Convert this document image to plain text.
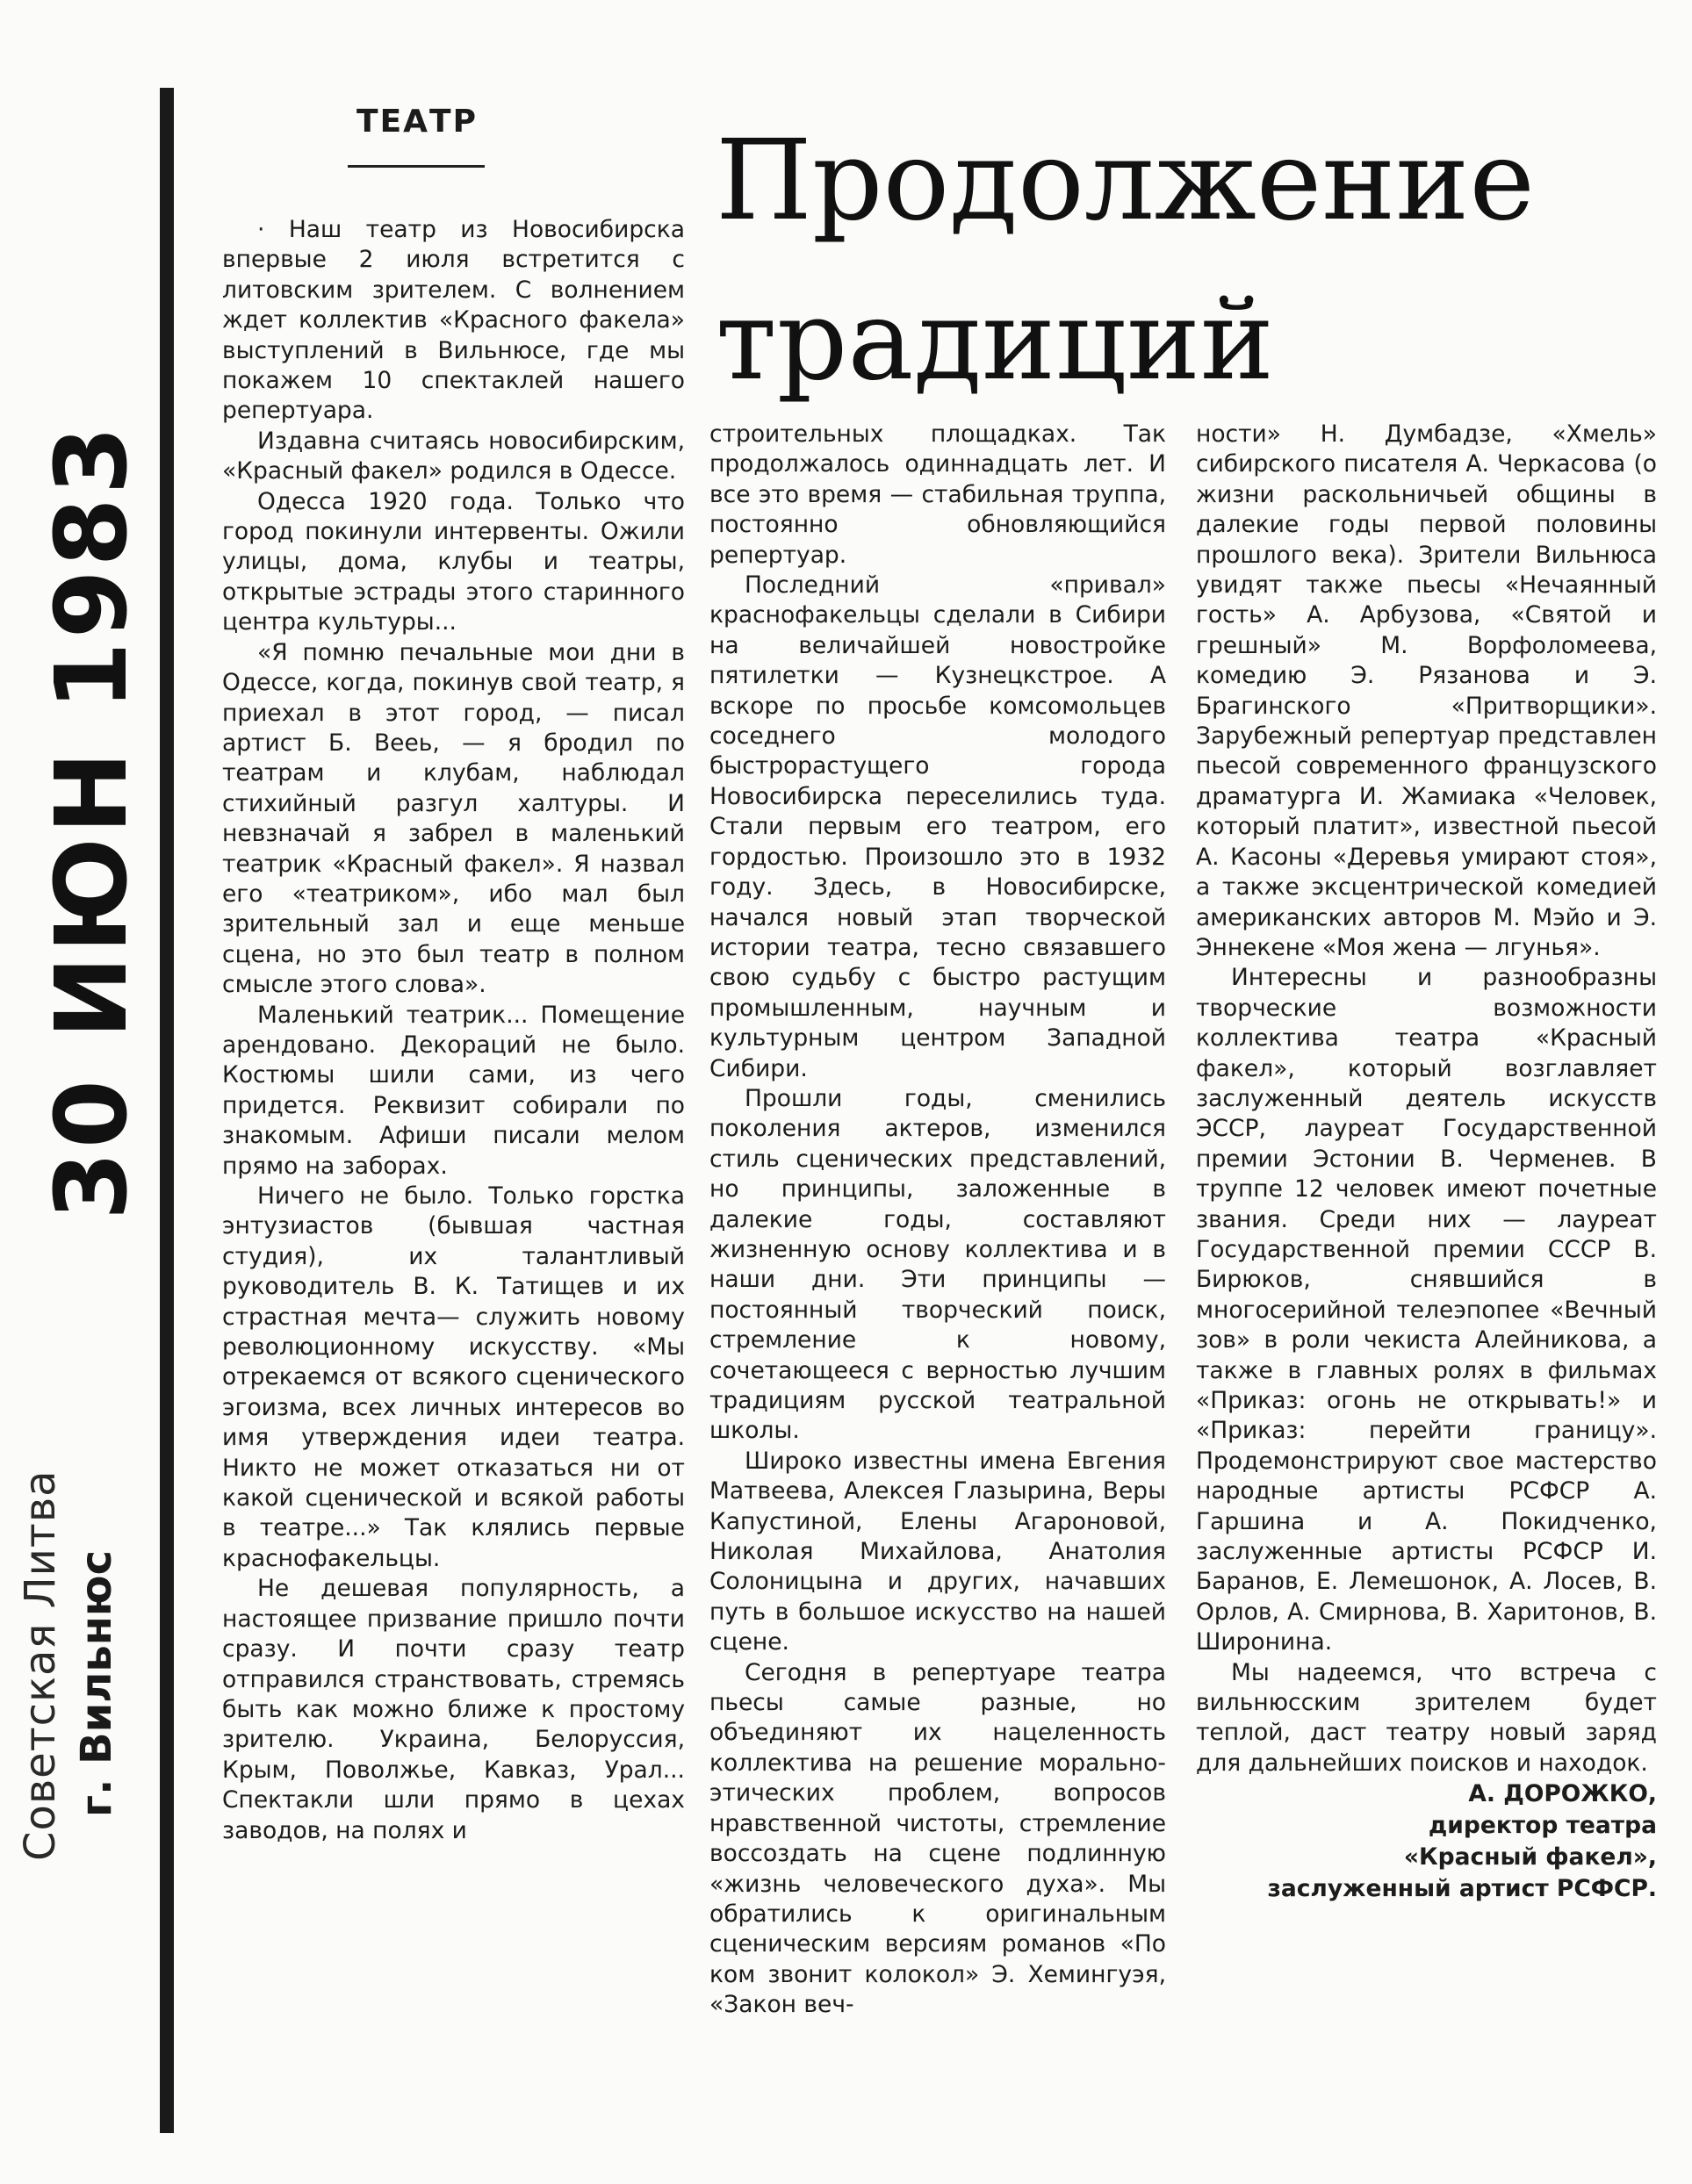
30 ИЮН 1983
Советская Литва г. Вильнюс
ТЕАТР Продолжение
традиций

· Наш театр из Новосибирска впервые 2 июля встретится с литовским зрителем. С волнением ждет коллектив «Красного факела» выступлений в Вильнюсе, где мы покажем 10 спектаклей нашего репертуара.

Издавна считаясь новосибирским, «Красный факел» родился в Одессе.

Одесса 1920 года. Только что город покинули интервенты. Ожили улицы, дома, клубы и театры, открытые эстрады этого старинного центра культуры...

«Я помню печальные мои дни в Одессе, когда, покинув свой театр, я приехал в этот город, — писал артист Б. Вееь, — я бродил по театрам и клубам, наблюдал стихийный разгул халтуры. И невзначай я забрел в маленький театрик «Красный факел». Я назвал его «театриком», ибо мал был зрительный зал и еще меньше сцена, но это был театр в полном смысле этого слова».

Маленький театрик... Помещение арендовано. Декораций не было. Костюмы шили сами, из чего придется. Реквизит собирали по знакомым. Афиши писали мелом прямо на заборах.

Ничего не было. Только горстка энтузиастов (бывшая частная студия), их талантливый руководитель В. К. Татищев и их страстная мечта— служить новому революционному искусству. «Мы отрекаемся от всякого сценического эгоизма, всех личных интересов во имя утверждения идеи театра. Никто не может отказаться ни от какой сценической и всякой работы в театре...» Так клялись первые краснофакельцы.

Не дешевая популярность, а настоящее призвание пришло почти сразу. И почти сразу театр отправился странствовать, стремясь быть как можно ближе к простому зрителю. Украина, Белоруссия, Крым, Поволжье, Кавказ, Урал... Спектакли шли прямо в цехах заводов, на полях и

строительных площадках. Так продолжалось одиннадцать лет. И все это время — стабильная труппа, постоянно обновляющийся репертуар.

Последний «привал» краснофакельцы сделали в Сибири на величайшей новостройке пятилетки — Кузнецкстрое. А вскоре по просьбе комсомольцев соседнего молодого быстрорастущего города Новосибирска переселились туда. Стали первым его театром, его гордостью. Произошло это в 1932 году. Здесь, в Новосибирске, начался новый этап творческой истории театра, тесно связавшего свою судьбу с быстро растущим промышленным, научным и культурным центром Западной Сибири.

Прошли годы, сменились поколения актеров, изменился стиль сценических представлений, но принципы, заложенные в далекие годы, составляют жизненную основу коллектива и в наши дни. Эти принципы — постоянный творческий поиск, стремление к новому, сочетающееся с верностью лучшим традициям русской театральной школы.

Широко известны имена Евгения Матвеева, Алексея Глазырина, Веры Капустиной, Елены Агароновой, Николая Михайлова, Анатолия Солоницына и других, начавших путь в большое искусство на нашей сцене.

Сегодня в репертуаре театра пьесы самые разные, но объединяют их нацеленность коллектива на решение морально-этических проблем, вопросов нравственной чистоты, стремление воссоздать на сцене подлинную «жизнь человеческого духа». Мы обратились к оригинальным сценическим версиям романов «По ком звонит колокол» Э. Хемингуэя, «Закон веч-

ности» Н. Думбадзе, «Хмель» сибирского писателя А. Черкасова (о жизни раскольничьей общины в далекие годы первой половины прошлого века). Зрители Вильнюса увидят также пьесы «Нечаянный гость» А. Арбузова, «Святой и грешный» М. Ворфоломеева, комедию Э. Рязанова и Э. Брагинского «Притворщики». Зарубежный репертуар представлен пьесой современного французского драматурга И. Жамиака «Человек, который платит», известной пьесой А. Касоны «Деревья умирают стоя», а также эксцентрической комедией американских авторов М. Мэйо и Э. Эннекене «Моя жена — лгунья».

Интересны и разнообразны творческие возможности коллектива театра «Красный факел», который возглавляет заслуженный деятель искусств ЭССР, лауреат Государственной премии Эстонии В. Черменев. В труппе 12 человек имеют почетные звания. Среди них — лауреат Государственной премии СССР В. Бирюков, снявшийся в многосерийной телеэпопее «Вечный зов» в роли чекиста Алейникова, а также в главных ролях в фильмах «Приказ: огонь не открывать!» и «Приказ: перейти границу». Продемонстрируют свое мастерство народные артисты РСФСР А. Гаршина и А. Покидченко, заслуженные артисты РСФСР И. Баранов, Е. Лемешонок, А. Лосев, В. Орлов, А. Смирнова, В. Харитонов, В. Широнина.

Мы надеемся, что встреча с вильнюсским зрителем будет теплой, даст театру новый заряд для дальнейших поисков и находок.

А. ДОРОЖКО,
директор театра
«Красный факел»,
заслуженный артист РСФСР.
